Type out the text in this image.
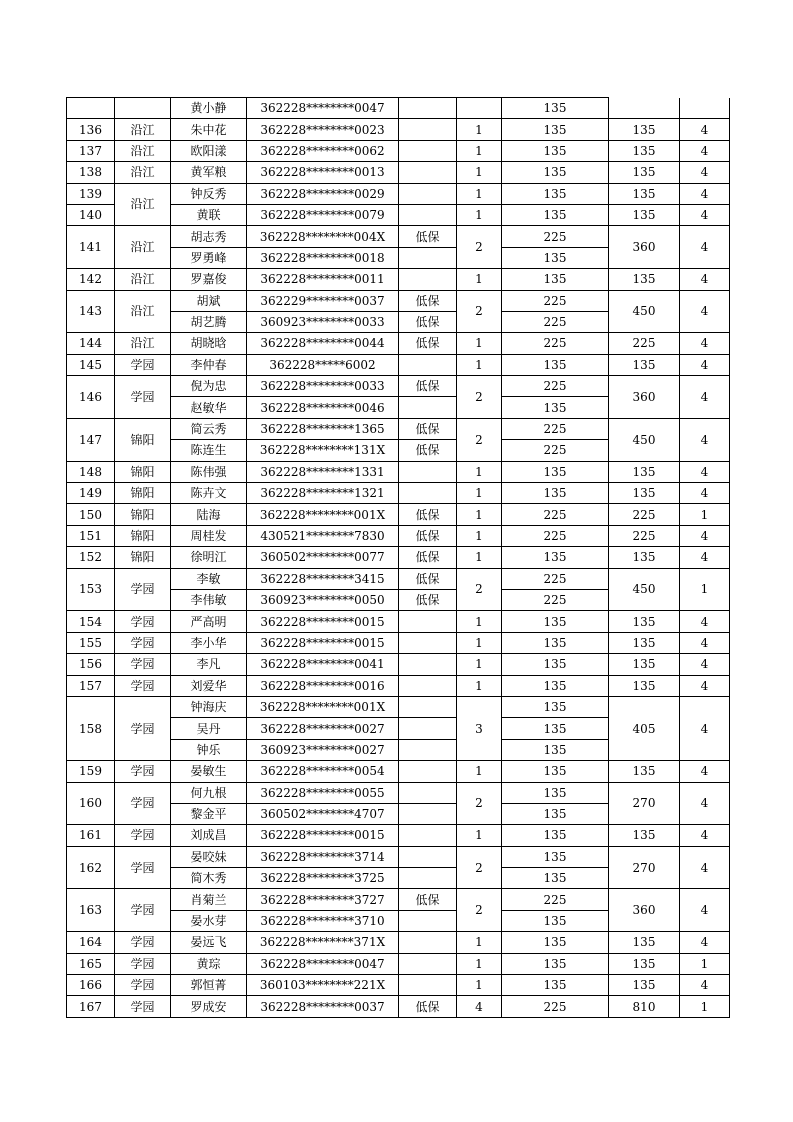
		黄小静	362228********0047			135		
136	沿江	朱中花	362228********0023		1	135	135	4
137	沿江	欧阳漾	362228********0062		1	135	135	4
138	沿江	黄军粮	362228********0013		1	135	135	4
139	沿江	钟反秀	362228********0029		1	135	135	4
140		黄联	362228********0079		1	135	135	4
141	沿江	胡志秀	362228********004X	低保	2	225	360	4
		罗勇峰	362228********0018			135		
142	沿江	罗嘉俊	362228********0011		1	135	135	4
143	沿江	胡斌	362229********0037	低保	2	225	450	4
		胡艺腾	360923********0033	低保		225		
144	沿江	胡晓晗	362228********0044	低保	1	225	225	4
145	学园	李仲春	362228*****6002		1	135	135	4
146	学园	倪为忠	362228********0033	低保	2	225	360	4
		赵敏华	362228********0046			135		
147	锦阳	简云秀	362228********1365	低保	2	225	450	4
		陈连生	362228********131X	低保		225		
148	锦阳	陈伟强	362228********1331		1	135	135	4
149	锦阳	陈卉文	362228********1321		1	135	135	4
150	锦阳	陆海	362228********001X	低保	1	225	225	1
151	锦阳	周桂发	430521********7830	低保	1	225	225	4
152	锦阳	徐明江	360502********0077	低保	1	135	135	4
153	学园	李敏	362228********3415	低保	2	225	450	1
		李伟敏	360923********0050	低保		225		
154	学园	严高明	362228********0015		1	135	135	4
155	学园	李小华	362228********0015		1	135	135	4
156	学园	李凡	362228********0041		1	135	135	4
157	学园	刘爱华	362228********0016		1	135	135	4
158	学园	钟海庆	362228********001X		3	135	405	4
		吴丹	362228********0027			135		
		钟乐	360923********0027			135		
159	学园	晏敏生	362228********0054		1	135	135	4
160	学园	何九根	362228********0055		2	135	270	4
		黎金平	360502********4707			135		
161	学园	刘成昌	362228********0015		1	135	135	4
162	学园	晏咬妹	362228********3714		2	135	270	4
		简木秀	362228********3725			135		
163	学园	肖菊兰	362228********3727	低保	2	225	360	4
		晏水芽	362228********3710			135		
164	学园	晏远飞	362228********371X		1	135	135	4
165	学园	黄琮	362228********0047		1	135	135	1
166	学园	郭恒菁	360103********221X		1	135	135	4
167	学园	罗成安	362228********0037	低保	4	225	810	1
